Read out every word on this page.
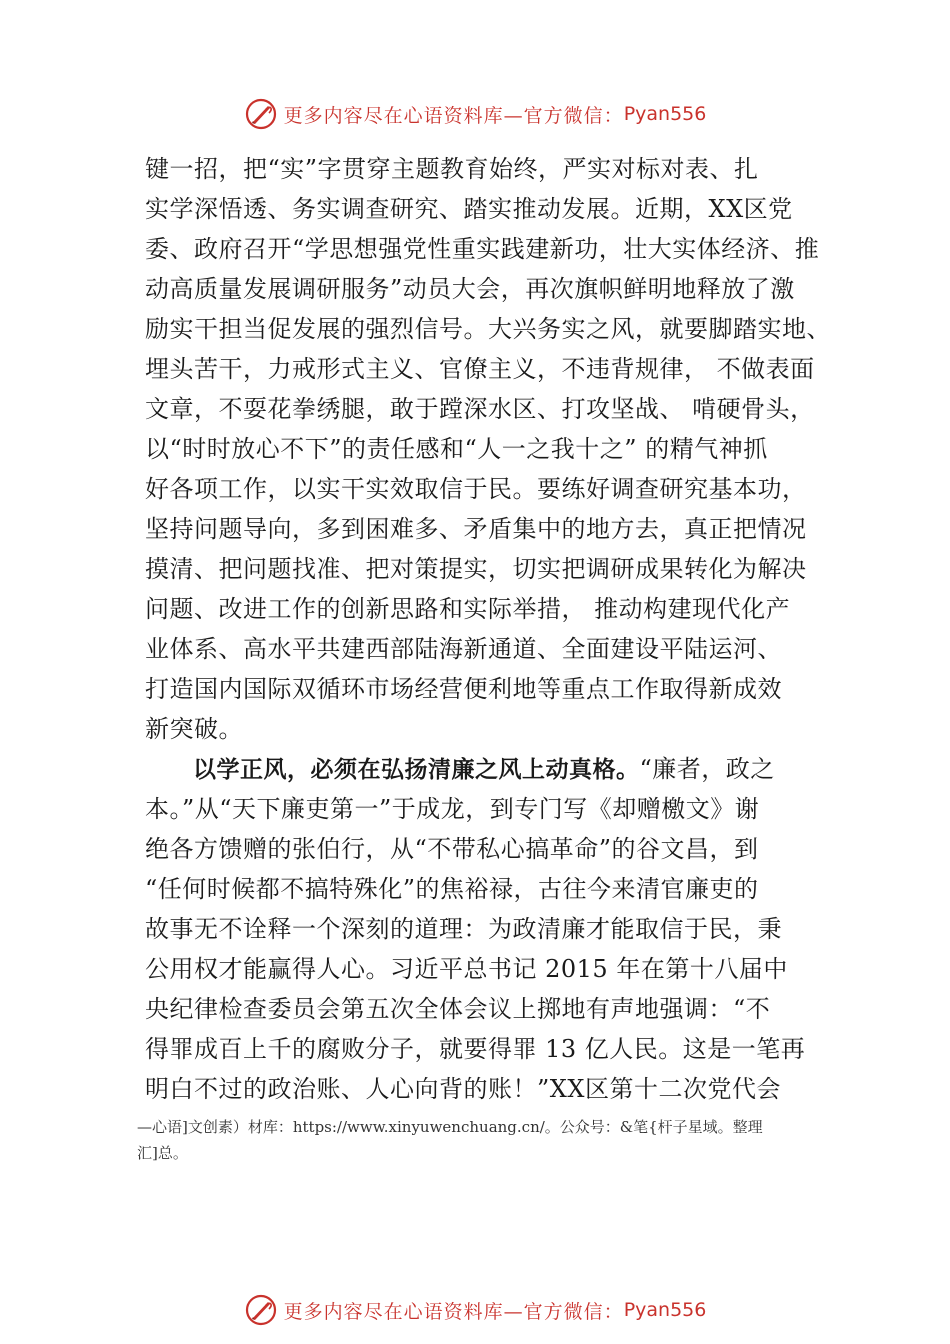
更多内容尽在心语资料库 —官方微信： Pyan556
键一招，把“实”字贯穿主题教育始终，严实对标对表、扎
实学深悟透、务实调查研究、踏实推动发展。近期，XX区党
委、政府召开“学思想强党性重实践建新功，壮大实体经济、推
动高质量发展调研服务”动员大会，再次旗帜鲜明地释放了激
励实干担当促发展的强烈信号。大兴务实之风，就要脚踏实地、
埋头苦干，力戒形式主义、官僚主义，不违背规律， 不做表面
文章，不耍花拳绣腿，敢于蹚深水区、打攻坚战、 啃硬骨头，
以“时时放心不下”的责任感和“人一之我十之” 的精气神抓
好各项工作，以实干实效取信于民。要练好调查研究基本功，
坚持问题导向，多到困难多、矛盾集中的地方去，真正把情况
摸清、把问题找准、把对策提实，切实把调研成果转化为解决
问题、改进工作的创新思路和实际举措， 推动构建现代化产
业体系、高水平共建西部陆海新通道、全面建设平陆运河、
打造国内国际双循环市场经营便利地等重点工作取得新成效
新突破。
以学正风，必须在弘扬清廉之风上动真格。“廉者，政之
本。”从“天下廉吏第一”于成龙，到专门写《却赠檄文》谢
绝各方馈赠的张伯行，从“不带私心搞革命”的谷文昌，到
“任何时候都不搞特殊化”的焦裕禄，古往今来清官廉吏的
故事无不诠释一个深刻的道理：为政清廉才能取信于民，秉
公用权才能赢得人心。习近平总书记 2015 年在第十八届中
央纪律检查委员会第五次全体会议上掷地有声地强调：“不
得罪成百上千的腐败分子，就要得罪 13 亿人民。这是一笔再
明白不过的政治账、人心向背的账！”XX区第十二次党代会
—心语]文创素）材库：https://www.xinyuwenchuang.cn/。公众号：&笔{杆子星域。整理
汇]总。
更多内容尽在心语资料库 —官方微信： Pyan556
